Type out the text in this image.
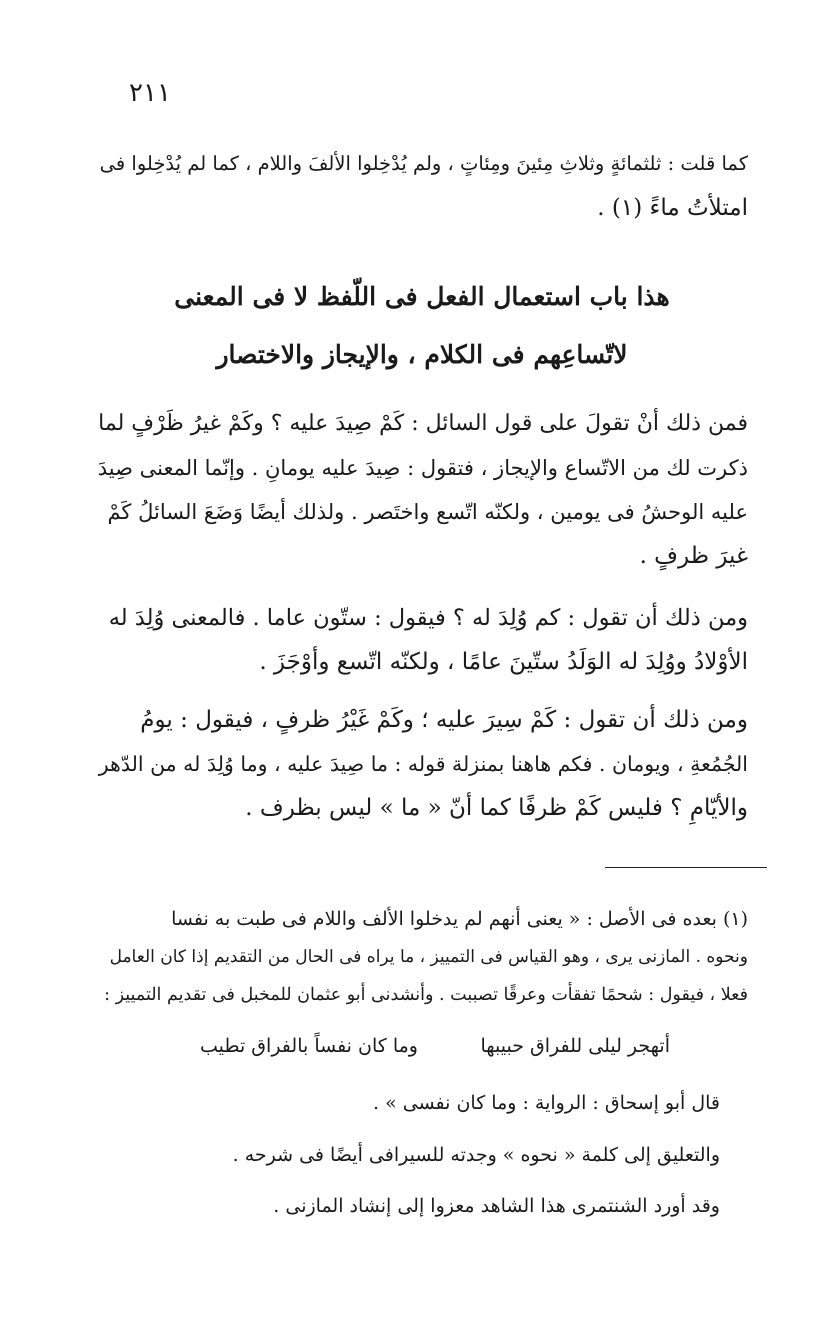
٢١١
كما قلت : ثلثمائةٍ وثلاثِ مِئينَ ومِئاتٍ ، ولم يُدْخِلوا الألفَ واللام ، كما لم يُدْخِلوا فى
امتلأتُ ماءً (١) .
هذا باب استعمال الفعل فى اللّفظ لا فى المعنى
لاتّساعِهم فى الكلام ، والإيجاز والاختصار
فمن ذلك أنْ تقولَ على قول السائل : كَمْ صِيدَ عليه ؟ وكَمْ غيرُ ظَرْفٍ لما
ذكرت لك من الاتّساع والإيجاز ، فتقول : صِيدَ عليه يومانِ . وإنّما المعنى صِيدَ
عليه الوحشُ فى يومين ، ولكنّه اتّسع واختَصر . ولذلك أيضًا وَضَعَ السائلُ كَمْ
غيرَ ظرفٍ .
ومن ذلك أن تقول : كم وُلِدَ له ؟ فيقول : ستّون عاما . فالمعنى وُلِدَ له
الأوْلادُ ووُلِدَ له الوَلَدُ ستّينَ عامًا ، ولكنّه اتّسع وأوْجَزَ .
ومن ذلك أن تقول : كَمْ سِيرَ عليه ؛ وكَمْ غَيْرُ ظرفٍ ، فيقول : يومُ
الجُمُعةِ ، ويومان . فكم هاهنا بمنزلة قوله : ما صِيدَ عليه ، وما وُلِدَ له من الدّهر
والأيّامِ ؟ فليس كَمْ ظرفًا كما أنّ « ما » ليس بظرف .
(١) بعده فى الأصل : « يعنى أنهم لم يدخلوا الألف واللام فى طبت به نفسا
ونحوه . المازنى يرى ، وهو القياس فى التمييز ، ما يراه فى الحال من التقديم إذا كان العامل
فعلا ، فيقول : شحمًا تفقأت وعرقًا تصببت . وأنشدنى أبو عثمان للمخبل فى تقديم التمييز :
أتهجر ليلى للفراق حبيبها
وما كان نفساً بالفراق تطيب
قال أبو إسحاق : الرواية : وما كان نفسى » .
والتعليق إلى كلمة « نحوه » وجدته للسيرافى أيضًا فى شرحه .
وقد أورد الشنتمرى هذا الشاهد معزوا إلى إنشاد المازنى .
